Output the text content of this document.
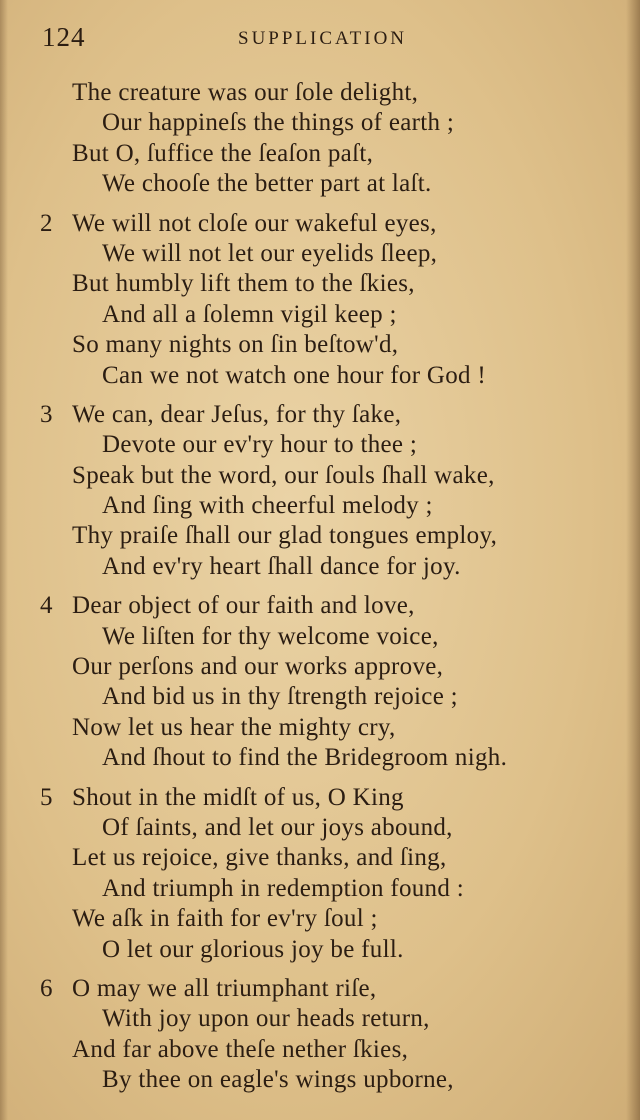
124	SUPPLICATION
The creature was our ſole delight,
Our happineſs the things of earth ;
But O, ſuffice the ſeaſon paſt,
We chooſe the better part at laſt.
2 We will not cloſe our wakeful eyes,
We will not let our eyelids ſleep,
But humbly lift them to the ſkies,
And all a ſolemn vigil keep ;
So many nights on ſin beſtow'd,
Can we not watch one hour for God !
3 We can, dear Jeſus, for thy ſake,
Devote our ev'ry hour to thee ;
Speak but the word, our ſouls ſhall wake,
And ſing with cheerful melody ;
Thy praiſe ſhall our glad tongues employ,
And ev'ry heart ſhall dance for joy.
4 Dear object of our faith and love,
We liſten for thy welcome voice,
Our perſons and our works approve,
And bid us in thy ſtrength rejoice ;
Now let us hear the mighty cry,
And ſhout to find the Bridegroom nigh.
5 Shout in the midſt of us, O King
Of ſaints, and let our joys abound,
Let us rejoice, give thanks, and ſing,
And triumph in redemption found :
We aſk in faith for ev'ry ſoul ;
O let our glorious joy be full.
6 O may we all triumphant riſe,
With joy upon our heads return,
And far above theſe nether ſkies,
By thee on eagle's wings upborne,
